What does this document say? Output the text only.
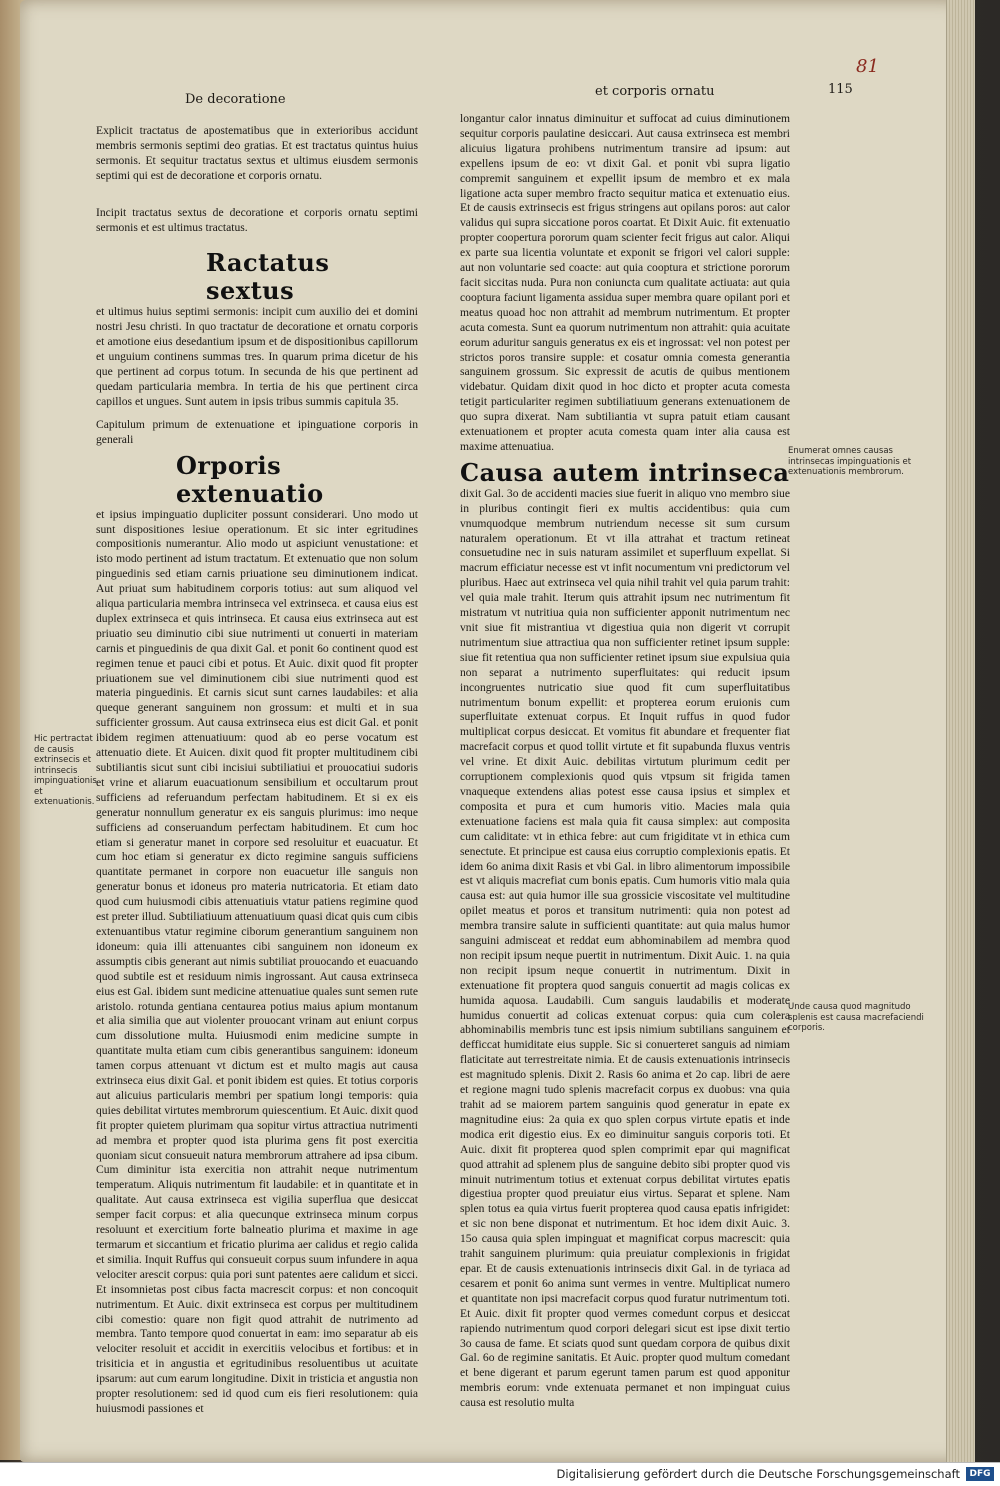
De decoratione
et corporis ornatu	115
81

Explicit tractatus de apostematibus que in exterioribus accidunt membris sermonis septimi deo gratias. Et est tractatus quintus huius sermonis. Et sequitur tractatus sextus et ultimus eiusdem sermonis septimi qui est de decoratione et corporis ornatu.

Incipit tractatus sextus de decoratione et corporis ornatu septimi sermonis et est ultimus tractatus.

Ractatus sextus

et ultimus huius septimi sermonis: incipit cum auxilio dei et domini nostri Jesu christi. In quo tractatur de decoratione et ornatu corporis et amotione eius desedantium ipsum et de dispositionibus capillorum et unguium continens summas tres. In quarum prima dicetur de his que pertinent ad corpus totum. In secunda de his que pertinent ad quedam particularia membra. In tertia de his que pertinent circa capillos et ungues. Sunt autem in ipsis tribus summis capitula 35.

Capitulum primum de extenuatione et ipinguatione corporis in generali

Orporis extenuatio

et ipsius impinguatio dupliciter possunt considerari. Uno modo ut sunt dispositiones lesiue operationum. Et sic inter egritudines compositionis numerantur. Alio modo ut aspiciunt venustatione: et isto modo pertinent ad istum tractatum. Et extenuatio que non solum pinguedinis sed etiam carnis priuatione seu diminutionem indicat. Aut priuat sum habitudinem corporis totius: aut sum aliquod vel aliqua particularia membra intrinseca vel extrinseca. et causa eius est duplex extrinseca et quis intrinseca. Et causa eius extrinseca aut est priuatio seu diminutio cibi siue nutrimenti ut conuerti in materiam carnis et pinguedinis de qua dixit Gal. et ponit 6o continent quod est regimen tenue et pauci cibi et potus. Et Auic. dixit quod fit propter priuationem sue vel diminutionem cibi siue nutrimenti quod est materia pinguedinis. Et carnis sicut sunt carnes laudabiles: et alia queque generant sanguinem non grossum: et multi et in sua sufficienter grossum. Aut causa extrinseca eius est dicit Gal. et ponit ibidem regimen attenuatiuum: quod ab eo perse vocatum est attenuatio diete. Et Auicen. dixit quod fit propter multitudinem cibi subtiliantis sicut sunt cibi incisiui subtiliatiui et prouocatiui sudoris et vrine et aliarum euacuationum sensibilium et occultarum prout sufficiens ad referuandum perfectam habitudinem. Et si ex eis generatur nonnullum generatur ex eis sanguis plurimus: imo neque sufficiens ad conseruandum perfectam habitudinem. Et cum hoc etiam si generatur manet in corpore sed resoluitur et euacuatur. Et cum hoc etiam si generatur ex dicto regimine sanguis sufficiens quantitate permanet in corpore non euacuetur ille sanguis non generatur bonus et idoneus pro materia nutricatoria. Et etiam dato quod cum huiusmodi cibis attenuatiuis vtatur patiens regimine quod est preter illud. Subtiliatiuum attenuatiuum quasi dicat quis cum cibis extenuantibus vtatur regimine ciborum generantium sanguinem non idoneum: quia illi attenuantes cibi sanguinem non idoneum ex assumptis cibis generant aut nimis subtiliat prouocando et euacuando quod subtile est et residuum nimis ingrossant. Aut causa extrinseca eius est Gal. ibidem sunt medicine attenuatiue quales sunt semen rute aristolo. rotunda gentiana centaurea potius maius apium montanum et alia similia que aut violenter prouocant vrinam aut eniunt corpus cum dissolutione multa. Huiusmodi enim medicine sumpte in quantitate multa etiam cum cibis generantibus sanguinem: idoneum tamen corpus attenuant vt dictum est et multo magis aut causa extrinseca eius dixit Gal. et ponit ibidem est quies. Et totius corporis aut alicuius particularis membri per spatium longi temporis: quia quies debilitat virtutes membrorum quiescentium. Et Auic. dixit quod fit propter quietem plurimam qua sopitur virtus attractiua nutrimenti ad membra et propter quod ista plurima gens fit post exercitia quoniam sicut consueuit natura membrorum attrahere ad ipsa cibum. Cum diminitur ista exercitia non attrahit neque nutrimentum temperatum. Aliquis nutrimentum fit laudabile: et in quantitate et in qualitate. Aut causa extrinseca est vigilia superflua que desiccat semper facit corpus: et alia quecunque extrinseca minum corpus resoluunt et exercitium forte balneatio plurima et maxime in age termarum et siccantium et fricatio plurima aer calidus et regio calida et similia. Inquit Ruffus qui consueuit corpus suum infundere in aqua velociter arescit corpus: quia pori sunt patentes aere calidum et sicci. Et insomnietas post cibus facta macrescit corpus: et non concoquit nutrimentum. Et Auic. dixit extrinseca est corpus per multitudinem cibi comestio: quare non figit quod attrahit de nutrimento ad membra. Tanto tempore quod conuertat in eam: imo separatur ab eis velociter resoluit et accidit in exercitiis velocibus et fortibus: et in trisiticia et in angustia et egritudinibus resoluentibus ut acuitate ipsarum: aut cum earum longitudine. Dixit in tristicia et angustia non propter resolutionem: sed id quod cum eis fieri resolutionem: quia huiusmodi passiones et

longantur calor innatus diminuitur et suffocat ad cuius diminutionem sequitur corporis paulatine desiccari. Aut causa extrinseca est membri alicuius ligatura prohibens nutrimentum transire ad ipsum: aut expellens ipsum de eo: vt dixit Gal. et ponit vbi supra ligatio compremit sanguinem et expellit ipsum de membro et ex mala ligatione acta super membro fracto sequitur matica et extenuatio eius. Et de causis extrinsecis est frigus stringens aut opilans poros: aut calor validus qui supra siccatione poros coartat. Et Dixit Auic. fit extenuatio propter coopertura pororum quam scienter fecit frigus aut calor. Aliqui ex parte sua licentia voluntate et exponit se frigori vel calori supple: aut non voluntarie sed coacte: aut quia cooptura et strictione pororum facit siccitas nuda. Pura non coniuncta cum qualitate actiuata: aut quia cooptura faciunt ligamenta assidua super membra quare opilant pori et meatus quoad hoc non attrahit ad membrum nutrimentum. Et propter acuta comesta. Sunt ea quorum nutrimentum non attrahit: quia acuitate eorum aduritur sanguis generatus ex eis et ingrossat: vel non potest per strictos poros transire supple: et cosatur omnia comesta generantia sanguinem grossum. Sic expressit de acutis de quibus mentionem videbatur. Quidam dixit quod in hoc dicto et propter acuta comesta tetigit particulariter regimen subtiliatiuum generans extenuationem de quo supra dixerat. Nam subtiliantia vt supra patuit etiam causant extenuationem et propter acuta comesta quam inter alia causa est maxime attenuatiua.

Causa autem intrinseca

dixit Gal. 3o de accidenti macies siue fuerit in aliquo vno membro siue in pluribus contingit fieri ex multis accidentibus: quia cum vnumquodque membrum nutriendum necesse sit sum cursum naturalem operationum. Et vt illa attrahat et tractum retineat consuetudine nec in suis naturam assimilet et superfluum expellat. Si macrum efficiatur necesse est vt infit nocumentum vni predictorum vel pluribus. Haec aut extrinseca vel quia nihil trahit vel quia parum trahit: vel quia male trahit. Iterum quis attrahit ipsum nec nutrimentum fit mistratum vt nutritiua quia non sufficienter apponit nutrimentum nec vnit siue fit mistrantiua vt digestiua quia non digerit vt corrupit nutrimentum siue attractiua qua non sufficienter retinet ipsum supple: siue fit retentiua qua non sufficienter retinet ipsum siue expulsiua quia non separat a nutrimento superfluitates: qui reducit ipsum incongruentes nutricatio siue quod fit cum superfluitatibus nutrimentum bonum expellit: et propterea eorum eruionis cum superfluitate extenuat corpus. Et Inquit ruffus in quod fudor multiplicat corpus desiccat. Et vomitus fit abundare et frequenter fiat macrefacit corpus et quod tollit virtute et fit supabunda fluxus ventris vel vrine. Et dixit Auic. debilitas virtutum plurimum cedit per corruptionem complexionis quod quis vtpsum sit frigida tamen vnaqueque extendens alias potest esse causa ipsius et simplex et composita et pura et cum humoris vitio. Macies mala quia extenuatione faciens est mala quia fit causa simplex: aut composita cum caliditate: vt in ethica febre: aut cum frigiditate vt in ethica cum senectute. Et principue est causa eius corruptio complexionis epatis. Et idem 6o anima dixit Rasis et vbi Gal. in libro alimentorum impossibile est vt aliquis macrefiat cum bonis epatis. Cum humoris vitio mala quia causa est: aut quia humor ille sua grossicie viscositate vel multitudine opilet meatus et poros et transitum nutrimenti: quia non potest ad membra transire salute in sufficienti quantitate: aut quia malus humor sanguini admisceat et reddat eum abhominabilem ad membra quod non recipit ipsum neque puertit in nutrimentum. Dixit Auic. 1. na quia non recipit ipsum neque conuertit in nutrimentum. Dixit in extenuatione fit proptera quod sanguis conuertit ad magis colicas ex humida aquosa. Laudabili. Cum sanguis laudabilis et moderate humidus conuertit ad colicas extenuat corpus: quia cum colera abhominabilis membris tunc est ipsis nimium subtilians sanguinem et defficcat humiditate eius supple. Sic si conuerteret sanguis ad nimiam flaticitate aut terrestreitate nimia. Et de causis extenuationis intrinsecis est magnitudo splenis. Dixit 2. Rasis 6o anima et 2o cap. libri de aere et regione magni tudo splenis macrefacit corpus ex duobus: vna quia trahit ad se maiorem partem sanguinis quod generatur in epate ex magnitudine eius: 2a quia ex quo splen corpus virtute epatis et inde modica erit digestio eius. Ex eo diminuitur sanguis corporis toti. Et Auic. dixit fit propterea quod splen comprimit epar qui magnificat quod attrahit ad splenem plus de sanguine debito sibi propter quod vis minuit nutrimentum totius et extenuat corpus debilitat virtutes epatis digestiua propter quod preuiatur eius virtus. Separat et splene. Nam splen totus ea quia virtus fuerit propterea quod causa epatis infrigidet: et sic non bene disponat et nutrimentum. Et hoc idem dixit Auic. 3. 15o causa quia splen impinguat et magnificat corpus macrescit: quia trahit sanguinem plurimum: quia preuiatur complexionis in frigidat epar. Et de causis extenuationis intrinsecis dixit Gal. in de tyriaca ad cesarem et ponit 6o anima sunt vermes in ventre. Multiplicat numero et quantitate non ipsi macrefacit corpus quod furatur nutrimentum toti. Et Auic. dixit fit propter quod vermes comedunt corpus et desiccat rapiendo nutrimentum quod corpori delegari sicut est ipse dixit tertio 3o causa de fame. Et sciats quod sunt quedam corpora de quibus dixit Gal. 6o de regimine sanitatis. Et Auic. propter quod multum comedant et bene digerant et parum egerunt tamen parum est quod apponitur membris eorum: vnde extenuata permanet et non impinguat cuius causa est resolutio multa

Hic pertractat de causis extrinsecis et intrinsecis impinguationis et extenuationis.
Enumerat omnes causas intrinsecas impinguationis et extenuationis membrorum.
Unde causa quod magnitudo splenis est causa macrefaciendi corporis.
Digitalisierung gefördert durch die Deutsche Forschungsgemeinschaft	DFG
